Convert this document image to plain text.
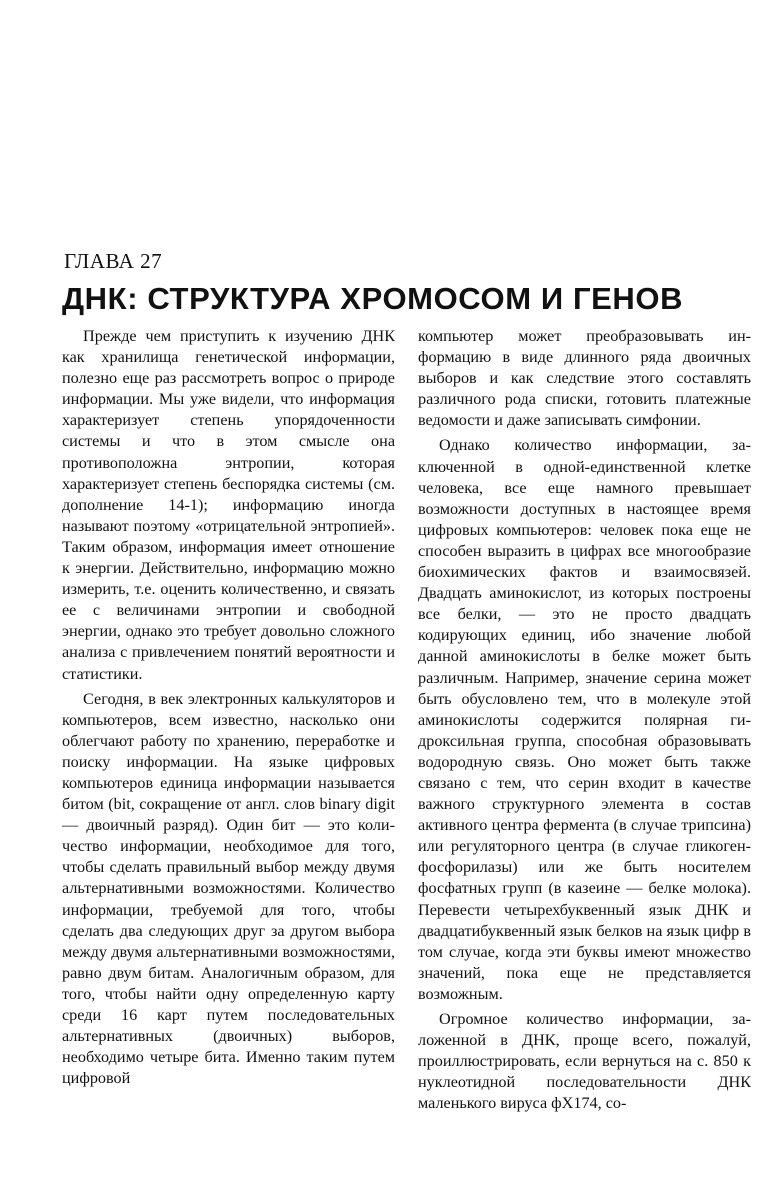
ГЛАВА 27
ДНК: СТРУКТУРА ХРОМОСОМ И ГЕНОВ

Прежде чем приступить к изучению ДНК как хранилища генетической информации, полезно еще раз рассмотреть вопрос о природе информации. Мы уже видели, что информация характеризует степень упорядоченности системы и что в этом смысле она противоположна энтропии, которая характеризует степень беспорядка системы (см. дополнение 14-1); информацию иногда называют поэтому «отрицательной энтропией». Таким образом, информация имеет отношение к энергии. Действительно, информацию можно измерить, т.е. оценить количественно, и связать ее с величинами энтропии и свободной энергии, однако это требует довольно сложного анализа с привлечением понятий вероятности и статистики.

Сегодня, в век электронных калькуляторов и компьютеров, всем известно, насколько они облегчают работу по хранению, переработке и поиску информации. На языке цифровых компьютеров единица информации называется битом (bit, сокращение от англ. слов binary digit — двоичный разряд). Один бит — это количество информации, необходимое для того, чтобы сделать правильный выбор между двумя альтернативными возможностями. Количество информации, требуемой для того, чтобы сделать два следующих друг за другом выбора между двумя альтернативными возможностями, равно двум битам. Аналогичным образом, для того, чтобы найти одну определенную карту среди 16 карт путем последовательных альтернативных (двоичных) выборов, необходимо четыре бита. Именно таким путем цифровой

компьютер может преобразовывать информацию в виде длинного ряда двоичных выборов и как следствие этого составлять различного рода списки, готовить платежные ведомости и даже записывать симфонии.

Однако количество информации, заключенной в одной-единственной клетке человека, все еще намного превышает возможности доступных в настоящее время цифровых компьютеров: человек пока еще не способен выразить в цифрах все многообразие биохимических фактов и взаимосвязей. Двадцать аминокислот, из которых построены все белки, — это не просто двадцать кодирующих единиц, ибо значение любой данной аминокислоты в белке может быть различным. Например, значение серина может быть обусловлено тем, что в молекуле этой аминокислоты содержится полярная гидроксильная группа, способная образовывать водородную связь. Оно может быть также связано с тем, что серин входит в качестве важного структурного элемента в состав активного центра фермента (в случае трипсина) или регуляторного центра (в случае гликоген-фосфорилазы) или же быть носителем фосфатных групп (в казеине — белке молока). Перевести четырехбуквенный язык ДНК и двадцатибуквенный язык белков на язык цифр в том случае, когда эти буквы имеют множество значений, пока еще не представляется возможным.

Огромное количество информации, заложенной в ДНК, проще всего, пожалуй, проиллюстрировать, если вернуться на с. 850 к нуклеотидной последовательности ДНК маленького вируса фX174, со-
